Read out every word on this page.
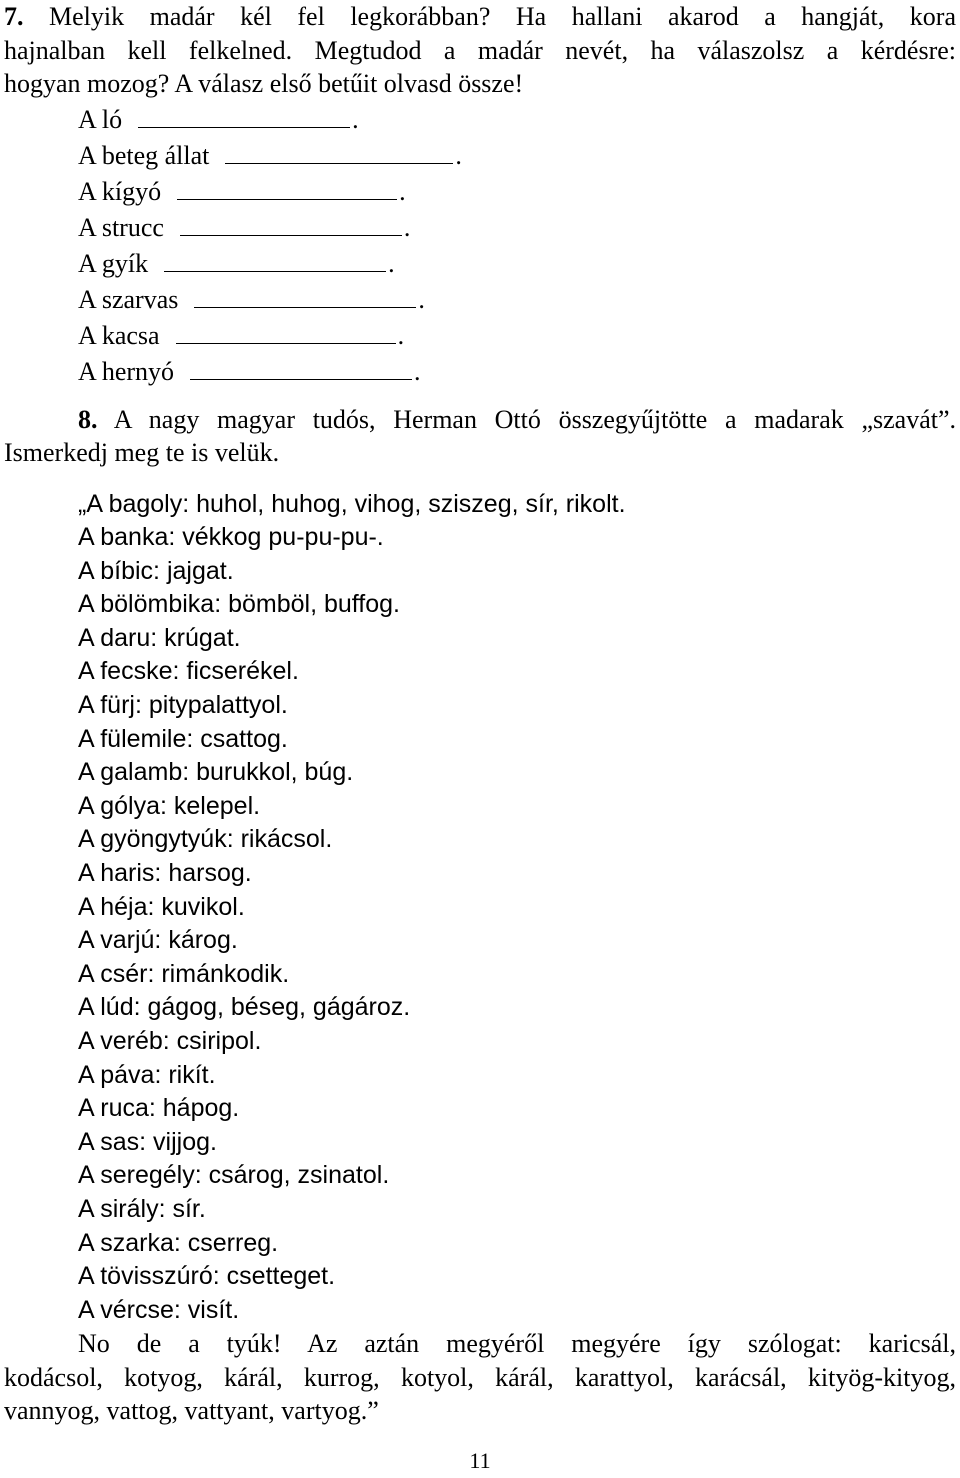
7. Melyik madár kél fel legkorábban? Ha hallani akarod a hangját, kora

hajnalban kell felkelned. Megtudod a madár nevét, ha válaszolsz a kérdésre:

hogyan mozog? A válasz első betűit olvasd össze!

A ló	.
A beteg állat	.
A kígyó	.
A strucc	.
A gyík	.
A szarvas	.
A kacsa	.
A hernyó	.

8. A nagy magyar tudós, Herman Ottó összegyűjtötte a madarak „szavát”.

Ismerkedj meg te is velük.

„A bagoly: huhol, huhog, vihog, sziszeg, sír, rikolt.
A banka: vékkog pu-pu-pu-.
A bíbic: jajgat.
A bölömbika: bömböl, buffog.
A daru: krúgat.
A fecske: ficserékel.
A fürj: pitypalattyol.
A fülemile: csattog.
A galamb: burukkol, búg.
A gólya: kelepel.
A gyöngytyúk: rikácsol.
A haris: harsog.
A héja: kuvikol.
A varjú: károg.
A csér: rimánkodik.
A lúd: gágog, béseg, gágároz.
A veréb: csiripol.
A páva: rikít.
A ruca: hápog.
A sas: vijjog.
A seregély: csárog, zsinatol.
A sirály: sír.
A szarka: cserreg.
A tövisszúró: csetteget.
A vércse: visít.

No de a tyúk! Az aztán megyéről megyére így szólogat: karicsál,

kodácsol, kotyog, kárál, kurrog, kotyol, kárál, karattyol, karácsál, kityög-kityog,

vannyog, vattog, vattyant, vartyog.”

11
